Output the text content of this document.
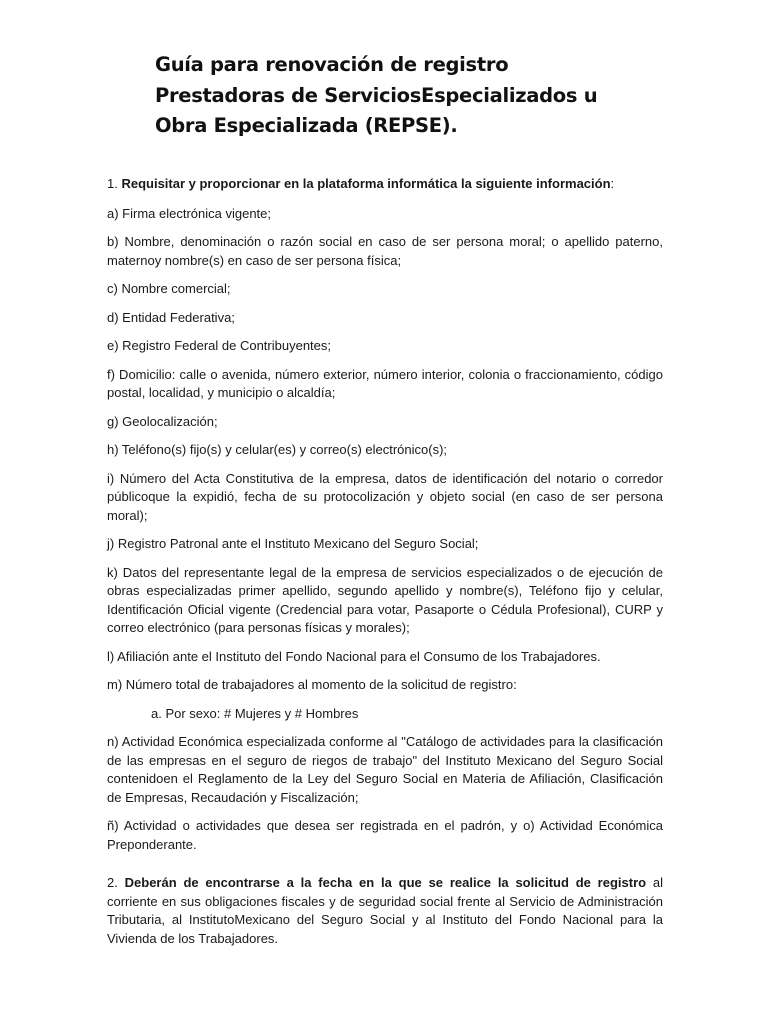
Guía para renovación de registro
Prestadoras de ServiciosEspecializados u
Obra Especializada (REPSE).

1. Requisitar y proporcionar en la plataforma informática la siguiente información:

a) Firma electrónica vigente;

b) Nombre, denominación o razón social en caso de ser persona moral; o apellido paterno, maternoy nombre(s) en caso de ser persona física;

c) Nombre comercial;

d) Entidad Federativa;

e) Registro Federal de Contribuyentes;

f) Domicilio: calle o avenida, número exterior, número interior, colonia o fraccionamiento, código postal, localidad, y municipio o alcaldía;

g) Geolocalización;

h) Teléfono(s) fijo(s) y celular(es) y correo(s) electrónico(s);

i) Número del Acta Constitutiva de la empresa, datos de identificación del notario o corredor públicoque la expidió, fecha de su protocolización y objeto social (en caso de ser persona moral);

j) Registro Patronal ante el Instituto Mexicano del Seguro Social;

k) Datos del representante legal de la empresa de servicios especializados o de ejecución de obras especializadas primer apellido, segundo apellido y nombre(s), Teléfono fijo y celular, Identificación Oficial vigente (Credencial para votar, Pasaporte o Cédula Profesional), CURP y correo electrónico (para personas físicas y morales);

l) Afiliación ante el Instituto del Fondo Nacional para el Consumo de los Trabajadores.

m) Número total de trabajadores al momento de la solicitud de registro:

a. Por sexo: # Mujeres y # Hombres

n) Actividad Económica especializada conforme al "Catálogo de actividades para la clasificación de las empresas en el seguro de riegos de trabajo" del Instituto Mexicano del Seguro Social contenidoen el Reglamento de la Ley del Seguro Social en Materia de Afiliación, Clasificación de Empresas, Recaudación y Fiscalización;

ñ) Actividad o actividades que desea ser registrada en el padrón, y o) Actividad Económica Preponderante.

2. Deberán de encontrarse a la fecha en la que se realice la solicitud de registro al corriente en sus obligaciones fiscales y de seguridad social frente al Servicio de Administración Tributaria, al InstitutoMexicano del Seguro Social y al Instituto del Fondo Nacional para la Vivienda de los Trabajadores.
